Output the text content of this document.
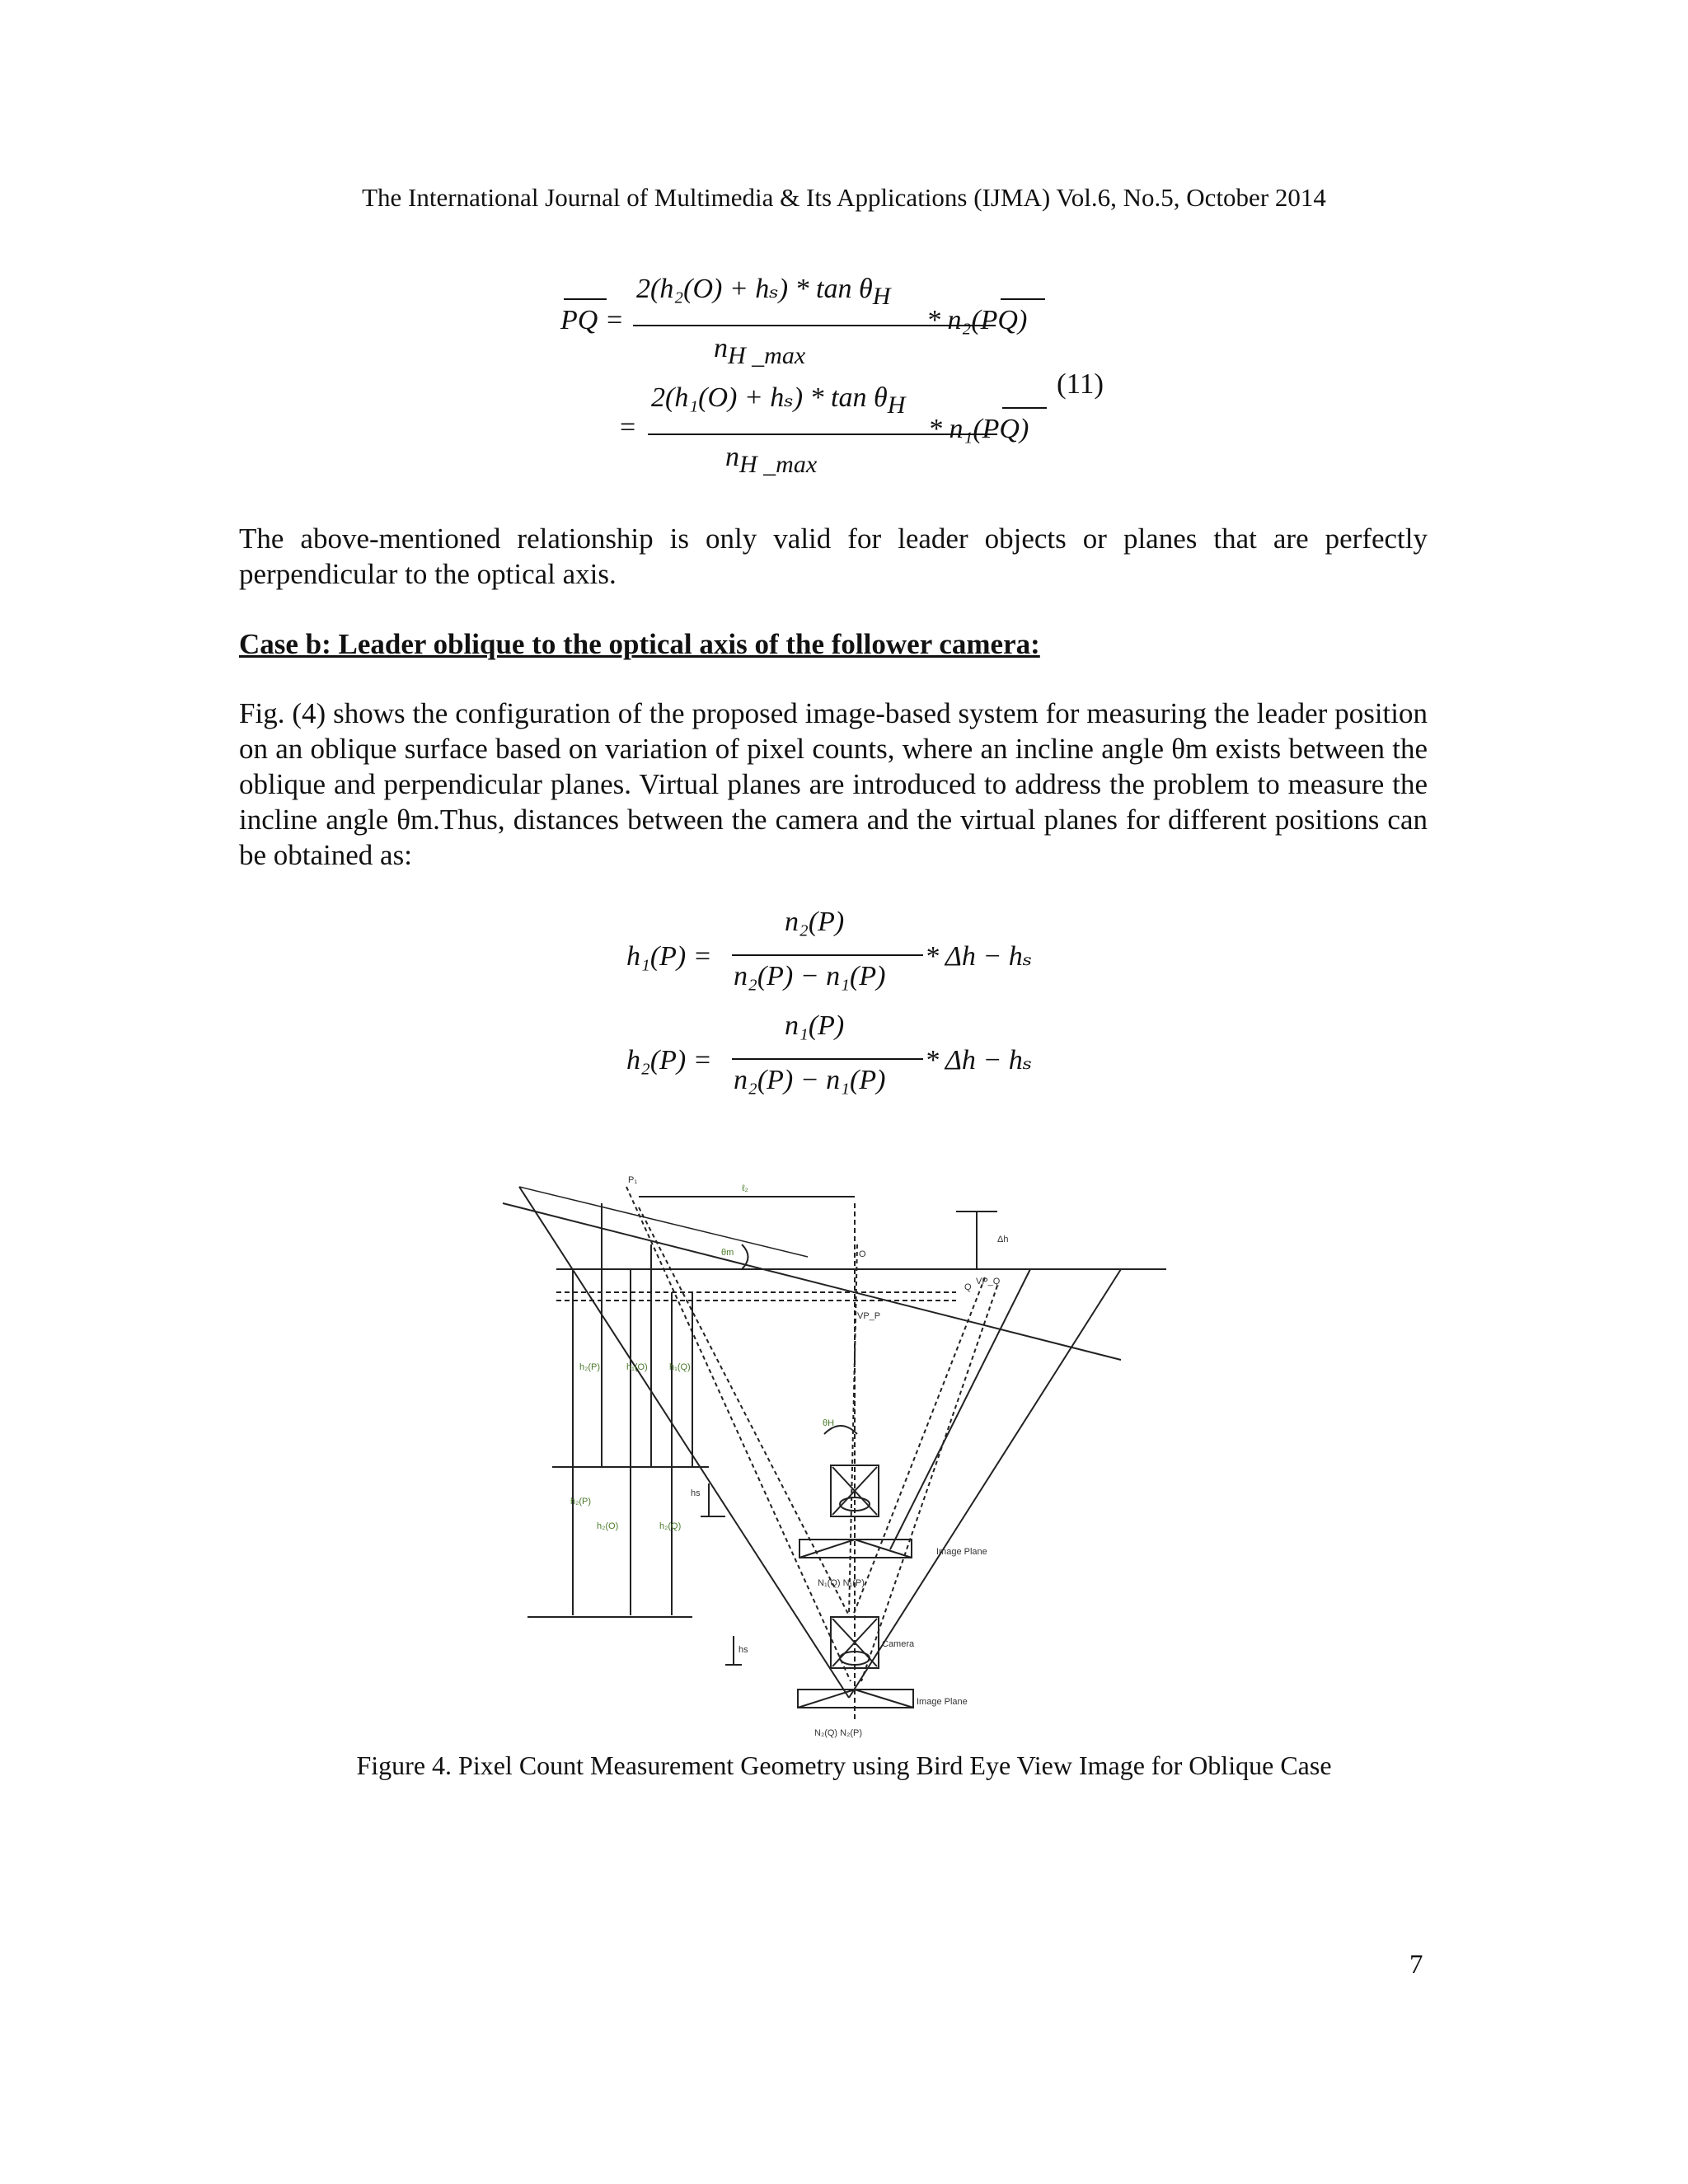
The International Journal of Multimedia & Its Applications (IJMA) Vol.6, No.5, October 2014
PQ =
$2(h_2(O) + h_s) * \tan \theta_H$
$n_{H \_max}$
* n₂(PQ)
=
$2(h_1(O) + h_s) * \tan \theta_H$
$n_{H \_max}$
* n₁(PQ)
(11)
The above-mentioned relationship is only valid for leader objects or planes that are perfectly perpendicular to the optical axis.
Case b: Leader oblique to the optical axis of the follower camera:
Fig. (4) shows the configuration of the proposed image-based system for measuring the leader position on an oblique surface based on variation of pixel counts, where an incline angle θm exists between the oblique and perpendicular planes. Virtual planes are introduced to address the problem to measure the incline angle θm.Thus, distances between the camera and the virtual planes for different positions can be obtained as:
h₁(P) =
n₂(P)
n₂(P) − n₁(P)
* Δh − hₛ
h₂(P) =
n₁(P)
n₂(P) − n₁(P)
* Δh − hₛ
P₁
ℓ₂
θm	O
Q
Δh
VP_Q
VP_P
θH
h₂(P)	h₁(O) h₁(Q)
h₂(P)
h₂(O)	h₂(Q)
hs
hs
Image Plane
Camera
Image Plane
N₁(Q) N₁(P)
N₂(Q) N₂(P)
Figure 4. Pixel Count Measurement Geometry using Bird Eye View Image for Oblique Case
7
